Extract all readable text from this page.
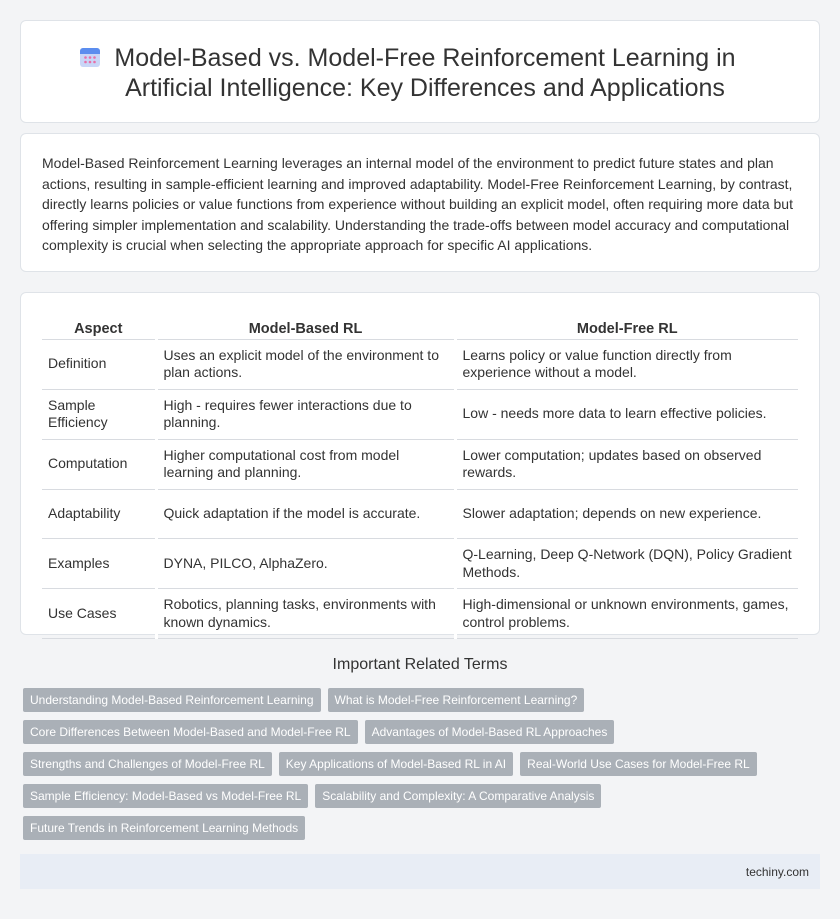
Model-Based vs. Model-Free Reinforcement Learning in Artificial Intelligence: Key Differences and Applications

Model-Based Reinforcement Learning leverages an internal model of the environment to predict future states and plan actions, resulting in sample-efficient learning and improved adaptability. Model-Free Reinforcement Learning, by contrast, directly learns policies or value functions from experience without building an explicit model, often requiring more data but offering simpler implementation and scalability. Understanding the trade-offs between model accuracy and computational complexity is crucial when selecting the appropriate approach for specific AI applications.

Aspect	Model-Based RL	Model-Free RL
Definition	Uses an explicit model of the environment to plan actions.	Learns policy or value function directly from experience without a model.
Sample Efficiency	High - requires fewer interactions due to planning.	Low - needs more data to learn effective policies.
Computation	Higher computational cost from model learning and planning.	Lower computation; updates based on observed rewards.
Adaptability	Quick adaptation if the model is accurate.	Slower adaptation; depends on new experience.
Examples	DYNA, PILCO, AlphaZero.	Q-Learning, Deep Q-Network (DQN), Policy Gradient Methods.
Use Cases	Robotics, planning tasks, environments with known dynamics.	High-dimensional or unknown environments, games, control problems.
Important Related Terms
Understanding Model-Based Reinforcement Learning	What is Model-Free Reinforcement Learning?
Core Differences Between Model-Based and Model-Free RL	Advantages of Model-Based RL Approaches
Strengths and Challenges of Model-Free RL	Key Applications of Model-Based RL in AI	Real-World Use Cases for Model-Free RL
Sample Efficiency: Model-Based vs Model-Free RL	Scalability and Complexity: A Comparative Analysis
Future Trends in Reinforcement Learning Methods
techiny.com
